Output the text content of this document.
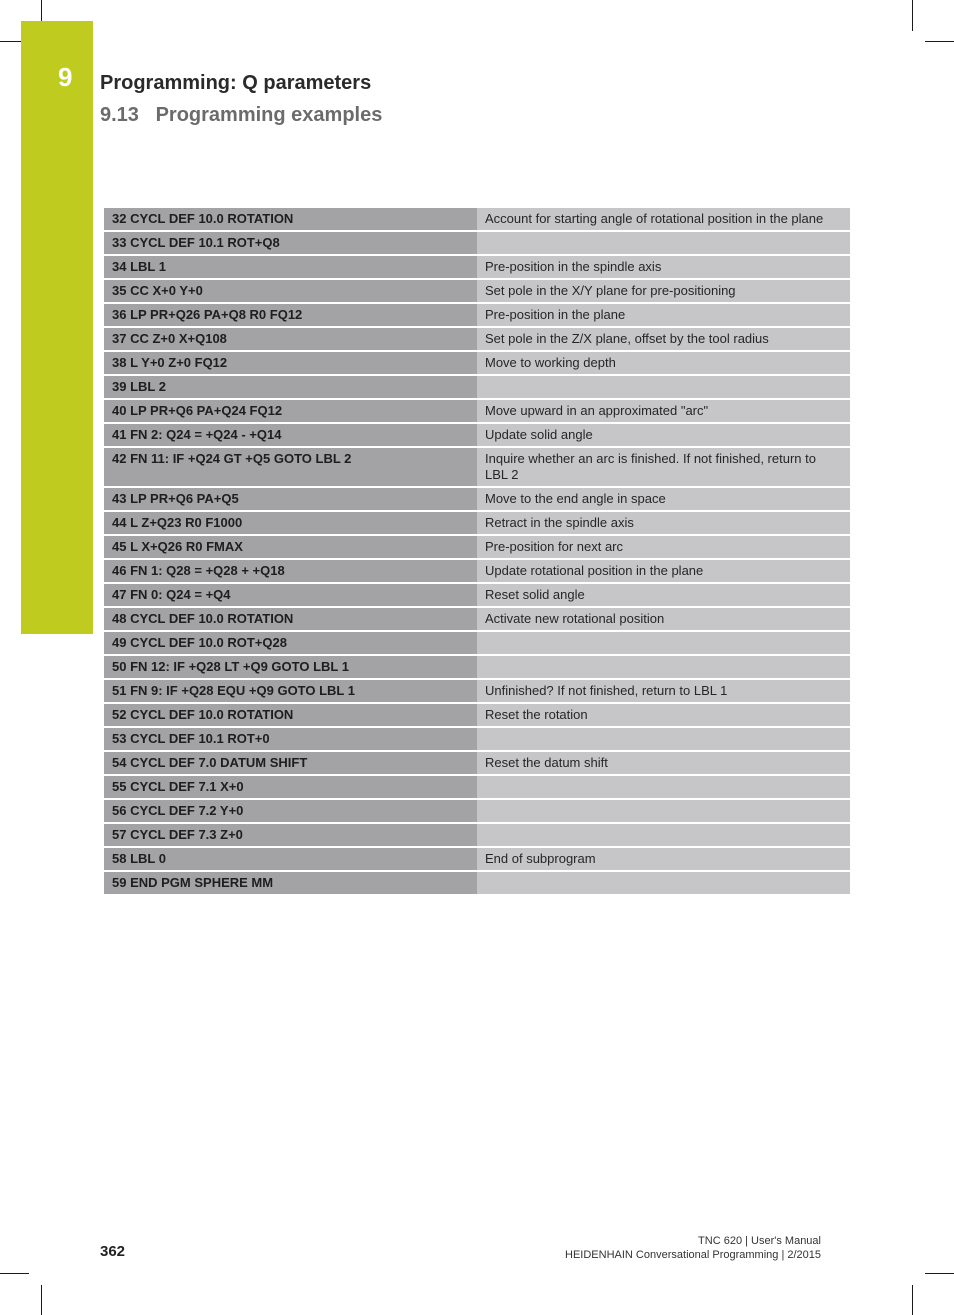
9 Programming: Q parameters
9.13   Programming examples
32 CYCL DEF 10.0 ROTATION	Account for starting angle of rotational position in the plane
33 CYCL DEF 10.1 ROT+Q8	
34 LBL 1	Pre-position in the spindle axis
35 CC X+0 Y+0	Set pole in the X/Y plane for pre-positioning
36 LP PR+Q26 PA+Q8 R0 FQ12	Pre-position in the plane
37 CC Z+0 X+Q108	Set pole in the Z/X plane, offset by the tool radius
38 L Y+0 Z+0 FQ12	Move to working depth
39 LBL 2	
40 LP PR+Q6 PA+Q24 FQ12	Move upward in an approximated "arc"
41 FN 2: Q24 = +Q24 - +Q14	Update solid angle
42 FN 11: IF +Q24 GT +Q5 GOTO LBL 2	Inquire whether an arc is finished. If not finished, return to LBL 2
43 LP PR+Q6 PA+Q5	Move to the end angle in space
44 L Z+Q23 R0 F1000	Retract in the spindle axis
45 L X+Q26 R0 FMAX	Pre-position for next arc
46 FN 1: Q28 = +Q28 + +Q18	Update rotational position in the plane
47 FN 0: Q24 = +Q4	Reset solid angle
48 CYCL DEF 10.0 ROTATION	Activate new rotational position
49 CYCL DEF 10.0 ROT+Q28	
50 FN 12: IF +Q28 LT +Q9 GOTO LBL 1	
51 FN 9: IF +Q28 EQU +Q9 GOTO LBL 1	Unfinished? If not finished, return to LBL 1
52 CYCL DEF 10.0 ROTATION	Reset the rotation
53 CYCL DEF 10.1 ROT+0	
54 CYCL DEF 7.0 DATUM SHIFT	Reset the datum shift
55 CYCL DEF 7.1 X+0	
56 CYCL DEF 7.2 Y+0	
57 CYCL DEF 7.3 Z+0	
58 LBL 0	End of subprogram
59 END PGM SPHERE MM	
362
TNC 620 | User's Manual
HEIDENHAIN Conversational Programming | 2/2015
